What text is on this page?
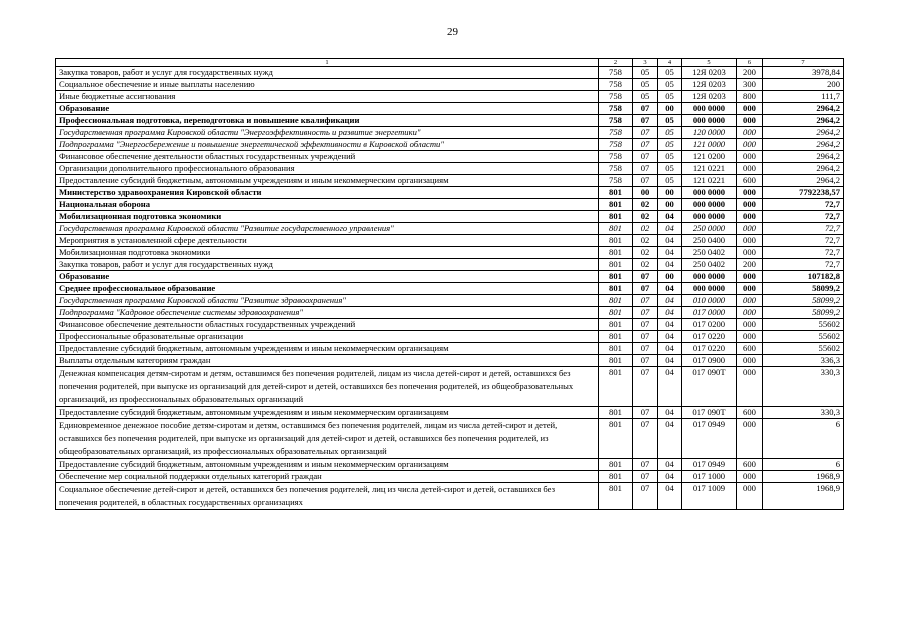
29
1	2	3	4	5	6	7
Закупка товаров, работ и услуг для государственных нужд	758	05	05	12Я 0203	200	3978,84
Социальное обеспечение и иные выплаты населению	758	05	05	12Я 0203	300	200
Иные бюджетные ассигнования	758	05	05	12Я 0203	800	111,7
Образование	758	07	00	000 0000	000	2964,2
Профессиональная подготовка, переподготовка и повышение квалификации	758	07	05	000 0000	000	2964,2
Государственная программа Кировской области "Энергоэффективность и развитие энергетики"	758	07	05	120 0000	000	2964,2
Подпрограмма "Энергосбережение и повышение энергетической эффективности в Кировской области"	758	07	05	121 0000	000	2964,2
Финансовое обеспечение деятельности областных государственных учреждений	758	07	05	121 0200	000	2964,2
Организации дополнительного профессионального образования	758	07	05	121 0221	000	2964,2
Предоставление субсидий бюджетным, автономным учреждениям и иным некоммерческим организациям	758	07	05	121 0221	600	2964,2
Министерство здравоохранения Кировской области	801	00	00	000 0000	000	7792238,57
Национальная оборона	801	02	00	000 0000	000	72,7
Мобилизационная подготовка экономики	801	02	04	000 0000	000	72,7
Государственная программа Кировской области "Развитие государственного управления"	801	02	04	250 0000	000	72,7
Мероприятия в установленной сфере деятельности	801	02	04	250 0400	000	72,7
Мобилизационная подготовка экономики	801	02	04	250 0402	000	72,7
Закупка товаров, работ и услуг для государственных нужд	801	02	04	250 0402	200	72,7
Образование	801	07	00	000 0000	000	107182,8
Среднее профессиональное образование	801	07	04	000 0000	000	58099,2
Государственная программа Кировской области "Развитие здравоохранения"	801	07	04	010 0000	000	58099,2
Подпрограмма "Кадровое обеспечение системы здравоохранения"	801	07	04	017 0000	000	58099,2
Финансовое обеспечение деятельности областных государственных учреждений	801	07	04	017 0200	000	55602
Профессиональные образовательные организации	801	07	04	017 0220	000	55602
Предоставление субсидий бюджетным, автономным учреждениям и иным некоммерческим организациям	801	07	04	017 0220	600	55602
Выплаты отдельным категориям граждан	801	07	04	017 0900	000	336,3
Денежная компенсация детям-сиротам и детям, оставшимся без попечения родителей, лицам из числа детей-сирот и детей, оставшихся без попечения родителей, при выпуске из организаций для детей-сирот и детей, оставшихся без попечения родителей, из общеобразовательных организаций, из профессиональных образовательных организаций	801	07	04	017 090Т	000	330,3
Предоставление субсидий бюджетным, автономным учреждениям и иным некоммерческим организациям	801	07	04	017 090Т	600	330,3
Единовременное денежное пособие детям-сиротам и детям, оставшимся без попечения родителей, лицам из числа детей-сирот и детей, оставшихся без попечения родителей, при выпуске из организаций для детей-сирот и детей, оставшихся без попечения родителей, из общеобразовательных организаций, из профессиональных образовательных организаций	801	07	04	017 0949	000	6
Предоставление субсидий бюджетным, автономным учреждениям и иным некоммерческим организациям	801	07	04	017 0949	600	6
Обеспечение мер социальной поддержки отдельных категорий граждан	801	07	04	017 1000	000	1968,9
Социальное обеспечение детей-сирот и детей, оставшихся без попечения родителей, лиц из числа детей-сирот и детей, оставшихся без попечения родителей, в областных государственных организациях	801	07	04	017 1009	000	1968,9
